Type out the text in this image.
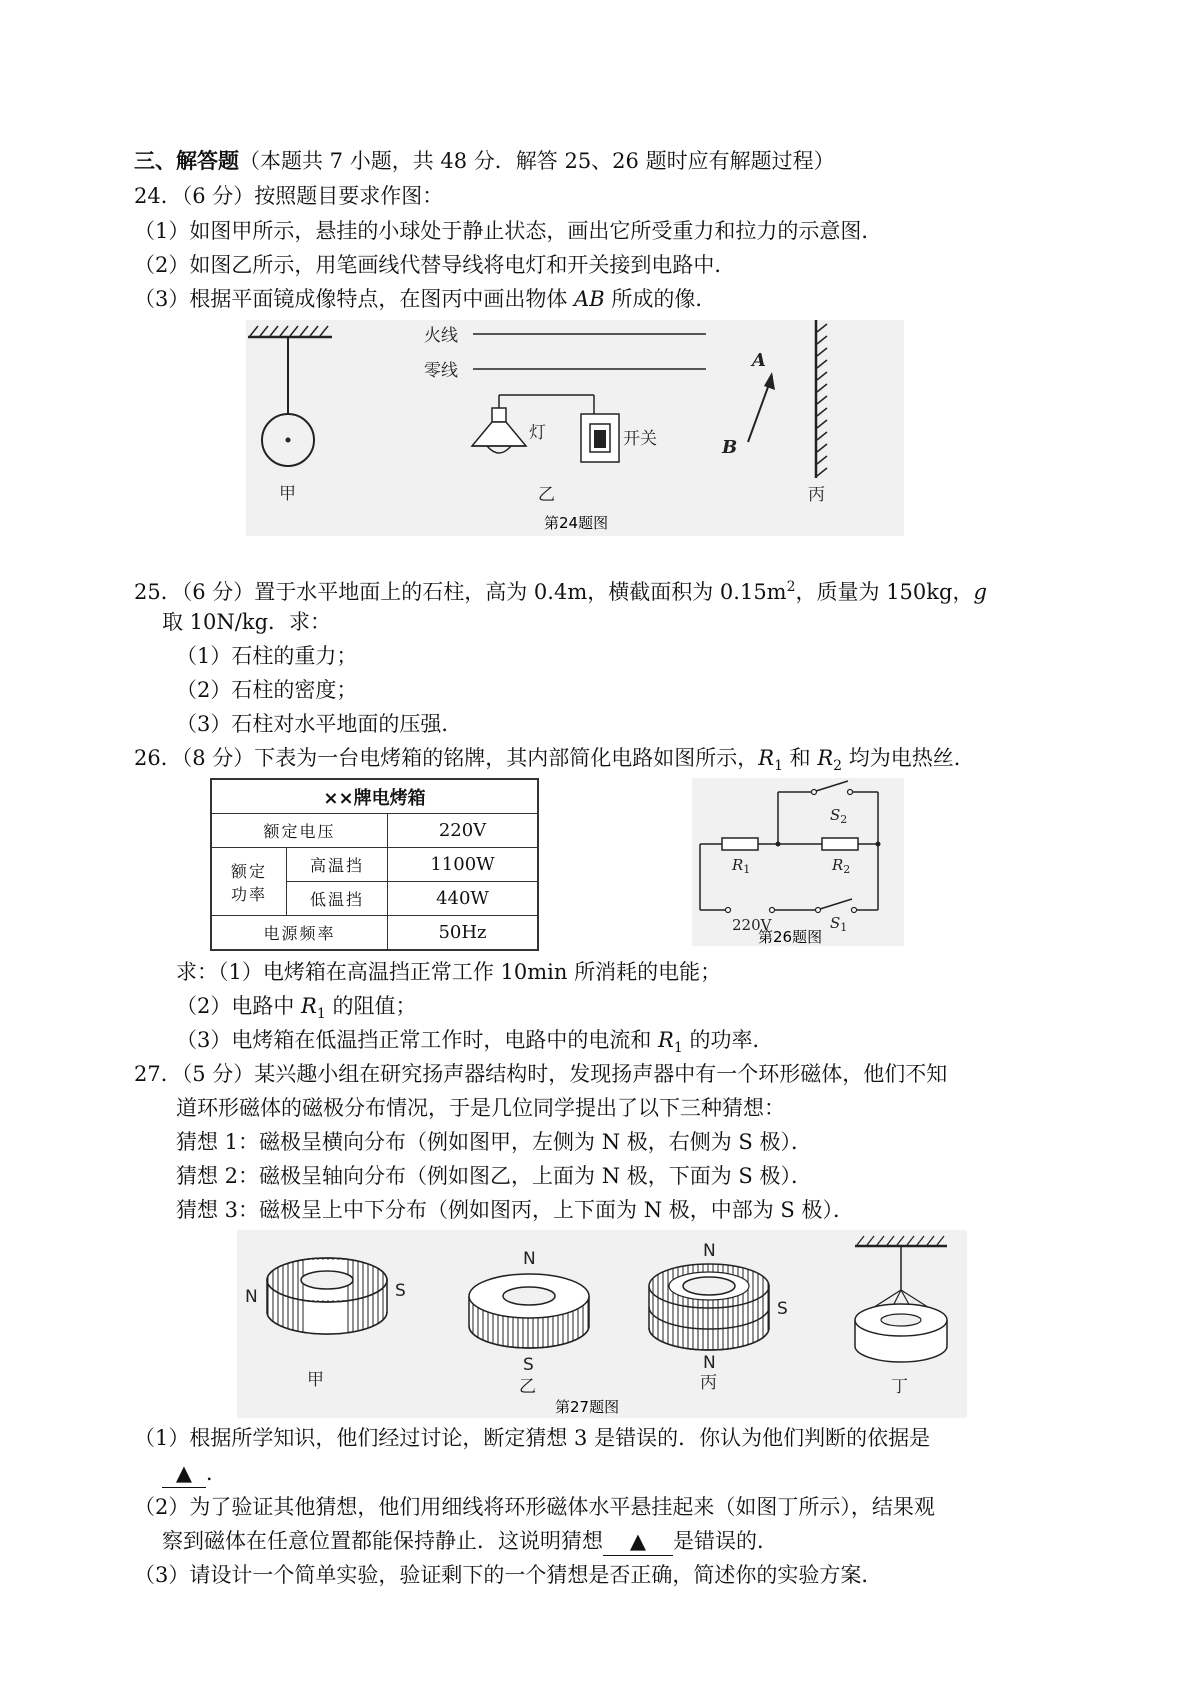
三、解答题（本题共 7 小题，共 48 分．解答 25、26 题时应有解题过程）
24．（6 分）按照题目要求作图：
（1）如图甲所示，悬挂的小球处于静止状态，画出它所受重力和拉力的示意图．
（2）如图乙所示，用笔画线代替导线将电灯和开关接到电路中．
（3）根据平面镜成像特点，在图丙中画出物体 AB 所成的像．
甲
火线
零线
灯	开关
乙
A
B
丙
第24题图
25．（6 分）置于水平地面上的石柱，高为 0.4m，横截面积为 $0.15m^2$，质量为 150kg，g
取 10N/kg．求：
（1）石柱的重力；
（2）石柱的密度；
（3）石柱对水平地面的压强．
26．（8 分）下表为一台电烤箱的铭牌，其内部简化电路如图所示，$R_1$ 和 $R_2$ 均为电热丝．
××牌电烤箱		
额定电压		220V
额定
功率	高温挡	1100W
	低温挡	440W
电源频率		50Hz
$S_2$
$R_1$	$R_2$
220V	$S_1$
第26题图
求：（1）电烤箱在高温挡正常工作 10min 所消耗的电能；
（2）电路中 $R_1$ 的阻值；
（3）电烤箱在低温挡正常工作时，电路中的电流和 $R_1$ 的功率．
27．（5 分）某兴趣小组在研究扬声器结构时，发现扬声器中有一个环形磁体，他们不知
道环形磁体的磁极分布情况，于是几位同学提出了以下三种猜想：
猜想 1：磁极呈横向分布（例如图甲，左侧为 N 极，右侧为 S 极）．
猜想 2：磁极呈轴向分布（例如图乙，上面为 N 极，下面为 S 极）．
猜想 3：磁极呈上中下分布（例如图丙，上下面为 N 极，中部为 S 极）．
N	S
甲
N
S
乙
N
S
N
丙	丁
第27题图
（1）根据所学知识，他们经过讨论，断定猜想 3 是错误的．你认为他们判断的依据是
▲ ．
（2）为了验证其他猜想，他们用细线将环形磁体水平悬挂起来（如图丁所示），结果观
察到磁体在任意位置都能保持静止．这说明猜想 ▲ 是错误的．
（3）请设计一个简单实验，验证剩下的一个猜想是否正确，简述你的实验方案．
